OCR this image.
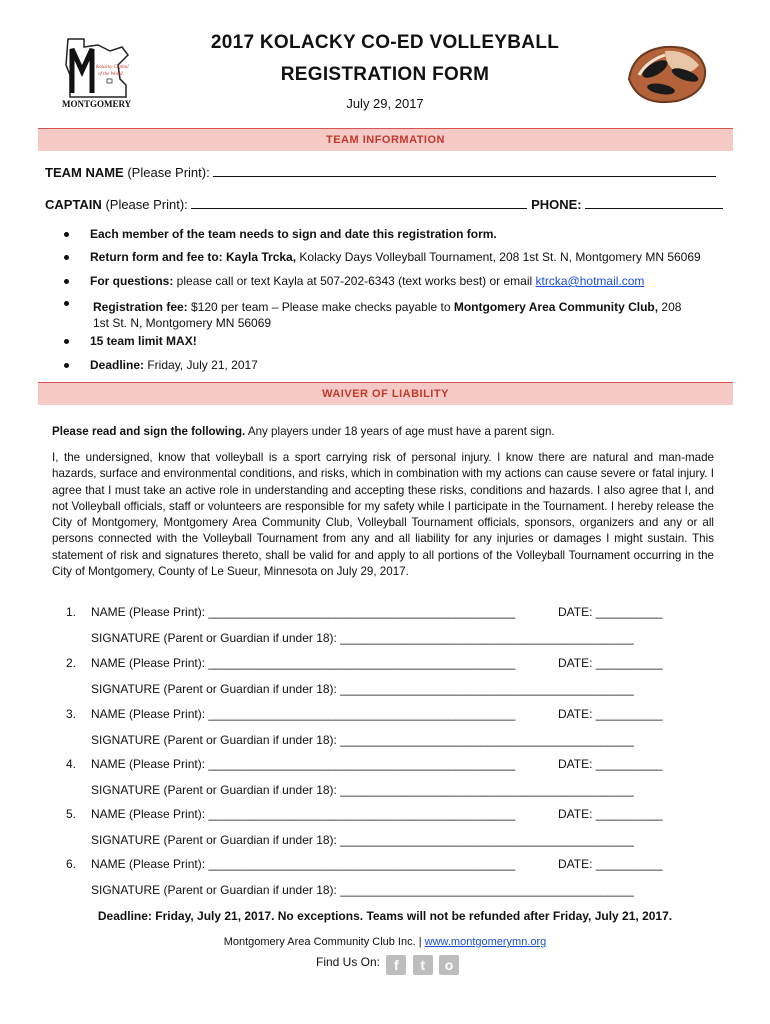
Kolacky Capital
of the World
MONTGOMERY
2017 KOLACKY CO-ED VOLLEYBALL
REGISTRATION FORM
July 29, 2017
TEAM INFORMATION
TEAM NAME (Please Print):
CAPTAIN (Please Print):	PHONE:
Each member of the team needs to sign and date this registration form.
Return form and fee to: Kayla Trcka, Kolacky Days Volleyball Tournament, 208 1st St. N, Montgomery MN 56069
For questions: please call or text Kayla at 507-202-6343 (text works best) or email ktrcka@hotmail.com
Registration fee: $120 per team – Please make checks payable to Montgomery Area Community Club, 208
1st St. N, Montgomery MN 56069
15 team limit MAX!
Deadline: Friday, July 21, 2017
WAIVER OF LIABILITY
Please read and sign the following. Any players under 18 years of age must have a parent sign.
I, the undersigned, know that volleyball is a sport carrying risk of personal injury. I know there are natural and man-made hazards, surface and environmental conditions, and risks, which in combination with my actions can cause severe or fatal injury. I agree that I must take an active role in understanding and accepting these risks, conditions and hazards. I also agree that I, and not Volleyball officials, staff or volunteers are responsible for my safety while I participate in the Tournament. I hereby release the City of Montgomery, Montgomery Area Community Club, Volleyball Tournament officials, sponsors, organizers and any or all persons connected with the Volleyball Tournament from any and all liability for any injuries or damages I might sustain. This statement of risk and signatures thereto, shall be valid for and apply to all portions of the Volleyball Tournament occurring in the City of Montgomery, County of Le Sueur, Minnesota on July 29, 2017.
1. NAME (Please Print): ______________________________________________	DATE: __________
SIGNATURE (Parent or Guardian if under 18): ____________________________________________
2. NAME (Please Print): ______________________________________________	DATE: __________
SIGNATURE (Parent or Guardian if under 18): ____________________________________________
3. NAME (Please Print): ______________________________________________	DATE: __________
SIGNATURE (Parent or Guardian if under 18): ____________________________________________
4. NAME (Please Print): ______________________________________________	DATE: __________
SIGNATURE (Parent or Guardian if under 18): ____________________________________________
5. NAME (Please Print): ______________________________________________	DATE: __________
SIGNATURE (Parent or Guardian if under 18): ____________________________________________
6. NAME (Please Print): ______________________________________________	DATE: __________
SIGNATURE (Parent or Guardian if under 18): ____________________________________________
Deadline: Friday, July 21, 2017. No exceptions. Teams will not be refunded after Friday, July 21, 2017.
Montgomery Area Community Club Inc. | www.montgomerymn.org
Find Us On: f t o
